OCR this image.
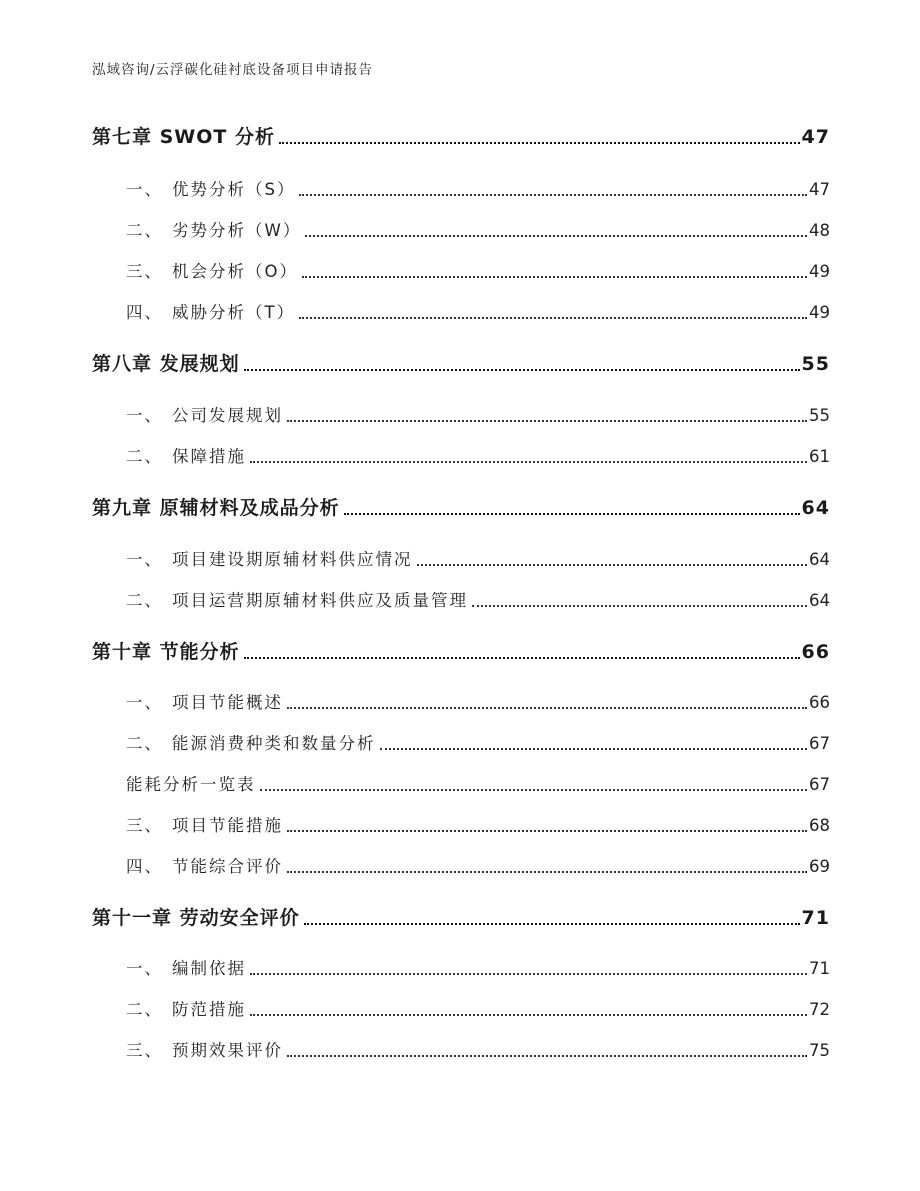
泓域咨询/云浮碳化硅衬底设备项目申请报告
第七章 SWOT 分析	47
一、 优势分析（S）	47
二、 劣势分析（W）	48
三、 机会分析（O）	49
四、 威胁分析（T）	49
第八章 发展规划	55
一、 公司发展规划	55
二、 保障措施	61
第九章 原辅材料及成品分析	64
一、 项目建设期原辅材料供应情况	64
二、 项目运营期原辅材料供应及质量管理	64
第十章 节能分析	66
一、 项目节能概述	66
二、 能源消费种类和数量分析	67
能耗分析一览表	67
三、 项目节能措施	68
四、 节能综合评价	69
第十一章 劳动安全评价	71
一、 编制依据	71
二、 防范措施	72
三、 预期效果评价	75
